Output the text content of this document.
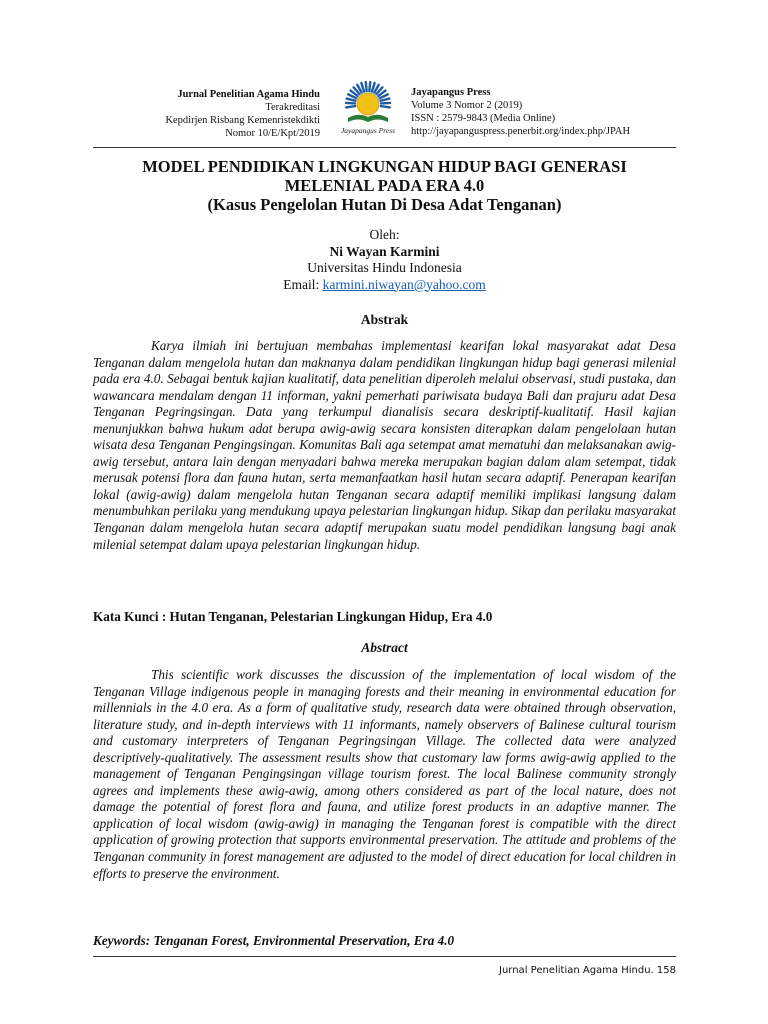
Jurnal Penelitian Agama Hindu
Terakreditasi
Kepdirjen Risbang Kemenristekdikti
Nomor 10/E/Kpt/2019	Jayapangus Press
Jayapangus Press
Volume 3 Nomor 2 (2019)
ISSN : 2579-9843 (Media Online)
http://jayapanguspress.penerbit.org/index.php/JPAH
MODEL PENDIDIKAN LINGKUNGAN HIDUP BAGI GENERASI
MELENIAL PADA ERA 4.0
(Kasus Pengelolan Hutan Di Desa Adat Tenganan)
Oleh:
Ni Wayan Karmini
Universitas Hindu Indonesia
Email: karmini.niwayan@yahoo.com
Abstrak

Karya ilmiah ini bertujuan membahas implementasi kearifan lokal masyarakat adat Desa Tenganan dalam mengelola hutan dan maknanya dalam pendidikan lingkungan hidup bagi generasi milenial pada era 4.0. Sebagai bentuk kajian kualitatif, data penelitian diperoleh melalui observasi, studi pustaka, dan wawancara mendalam dengan 11 informan, yakni pemerhati pariwisata budaya Bali dan prajuru adat Desa Tenganan Pegringsingan. Data yang terkumpul dianalisis secara deskriptif-kualitatif. Hasil kajian menunjukkan bahwa hukum adat berupa awig-awig secara konsisten diterapkan dalam pengelolaan hutan wisata desa Tenganan Pengingsingan. Komunitas Bali aga setempat amat mematuhi dan melaksanakan awig-awig tersebut, antara lain dengan menyadari bahwa mereka merupakan bagian dalam alam setempat, tidak merusak potensi flora dan fauna hutan, serta memanfaatkan hasil hutan secara adaptif. Penerapan kearifan lokal (awig-awig) dalam mengelola hutan Tenganan secara adaptif memiliki implikasi langsung dalam menumbuhkan perilaku yang mendukung upaya pelestarian lingkungan hidup. Sikap dan perilaku masyarakat Tenganan dalam mengelola hutan secara adaptif merupakan suatu model pendidikan langsung bagi anak milenial setempat dalam upaya pelestarian lingkungan hidup.

Kata Kunci : Hutan Tenganan, Pelestarian Lingkungan Hidup, Era 4.0

Abstract

This scientific work discusses the discussion of the implementation of local wisdom of the Tenganan Village indigenous people in managing forests and their meaning in environmental education for millennials in the 4.0 era. As a form of qualitative study, research data were obtained through observation, literature study, and in-depth interviews with 11 informants, namely observers of Balinese cultural tourism and customary interpreters of Tenganan Pegringsingan Village. The collected data were analyzed descriptively-qualitatively. The assessment results show that customary law forms awig-awig applied to the management of Tenganan Pengingsingan village tourism forest. The local Balinese community strongly agrees and implements these awig-awig, among others considered as part of the local nature, does not damage the potential of forest flora and fauna, and utilize forest products in an adaptive manner. The application of local wisdom (awig-awig) in managing the Tenganan forest is compatible with the direct application of growing protection that supports environmental preservation. The attitude and problems of the Tenganan community in forest management are adjusted to the model of direct education for local children in efforts to preserve the environment.

Keywords: Tenganan Forest, Environmental Preservation, Era 4.0

Jurnal Penelitian Agama Hindu. 158
